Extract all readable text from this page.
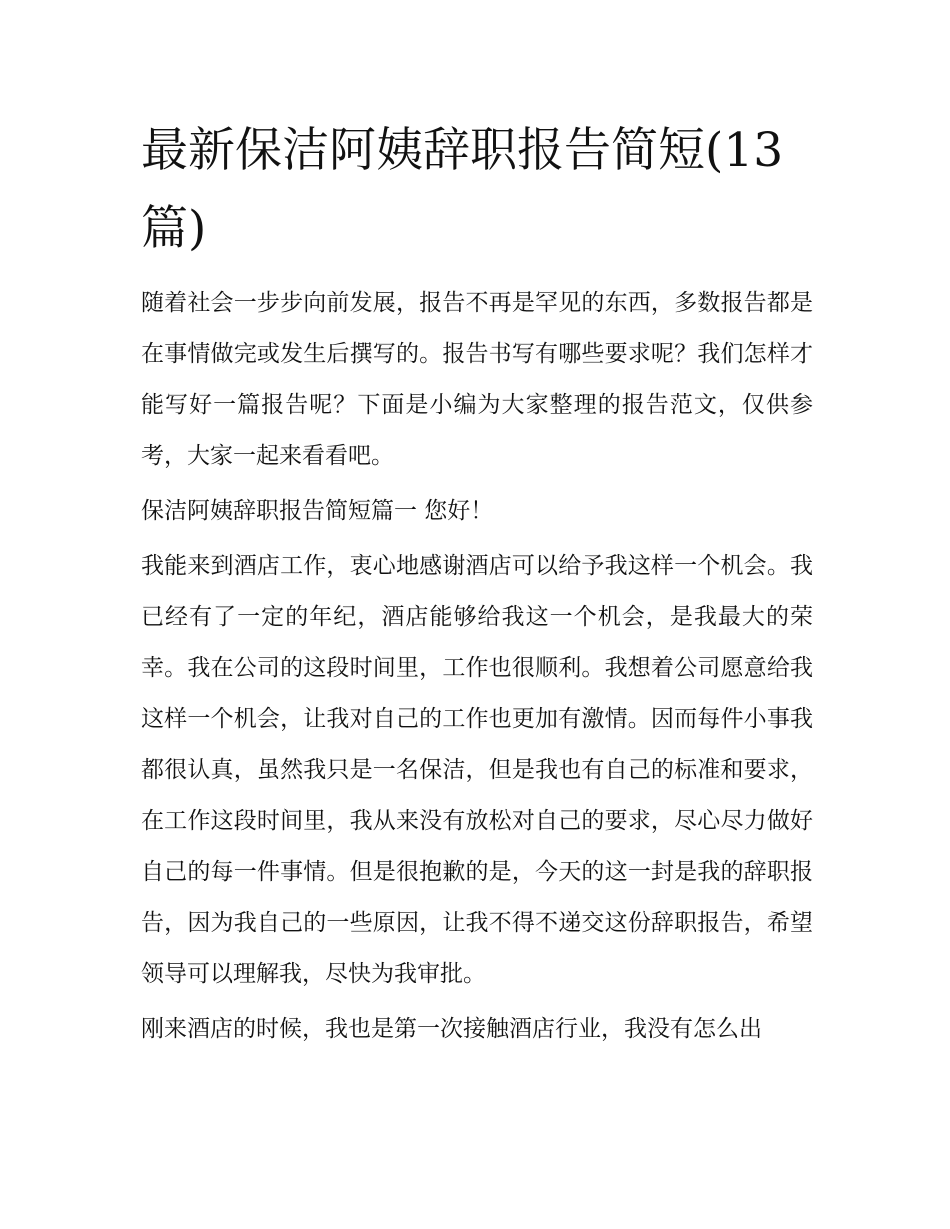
最新保洁阿姨辞职报告简短(13篇)

随着社会一步步向前发展，报告不再是罕见的东西，多数报告都是在事情做完或发生后撰写的。报告书写有哪些要求呢？我们怎样才能写好一篇报告呢？下面是小编为大家整理的报告范文，仅供参考，大家一起来看看吧。

保洁阿姨辞职报告简短篇一 您好！

我能来到酒店工作，衷心地感谢酒店可以给予我这样一个机会。我已经有了一定的年纪，酒店能够给我这一个机会，是我最大的荣幸。我在公司的这段时间里，工作也很顺利。我想着公司愿意给我这样一个机会，让我对自己的工作也更加有激情。因而每件小事我都很认真，虽然我只是一名保洁，但是我也有自己的标准和要求，在工作这段时间里，我从来没有放松对自己的要求，尽心尽力做好自己的每一件事情。但是很抱歉的是，今天的这一封是我的辞职报告，因为我自己的一些原因，让我不得不递交这份辞职报告，希望领导可以理解我，尽快为我审批。

刚来酒店的时候，我也是第一次接触酒店行业，我没有怎么出
